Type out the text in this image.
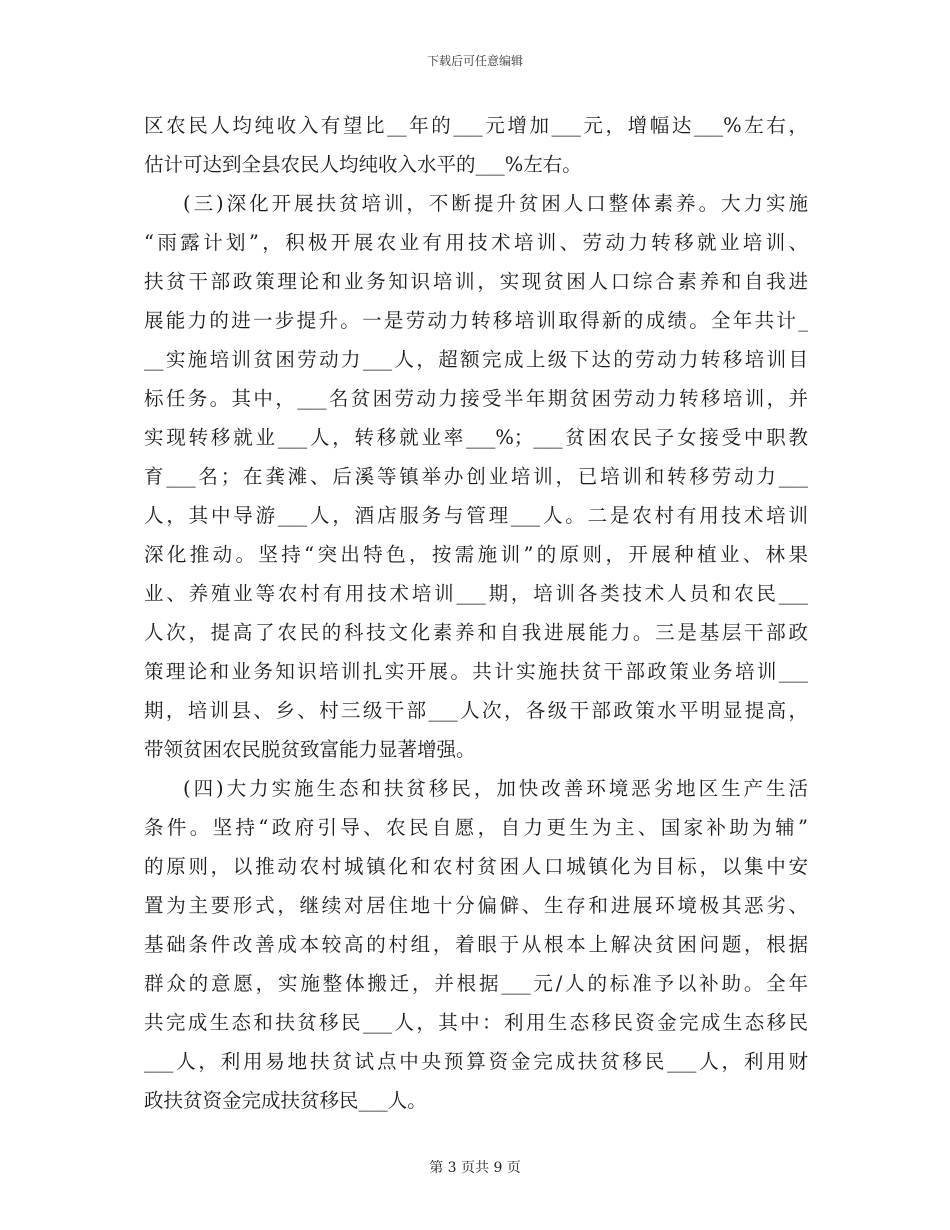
下载后可任意编辑
区农民人均纯收入有望比__年的___元增加___元，增幅达___%左右，
估计可达到全县农民人均纯收入水平的___%左右。
(三)深化开展扶贫培训，不断提升贫困人口整体素养。大力实施
“雨露计划”，积极开展农业有用技术培训、劳动力转移就业培训、
扶贫干部政策理论和业务知识培训，实现贫困人口综合素养和自我进
展能力的进一步提升。一是劳动力转移培训取得新的成绩。全年共计_
__实施培训贫困劳动力___人，超额完成上级下达的劳动力转移培训目
标任务。其中，___名贫困劳动力接受半年期贫困劳动力转移培训，并
实现转移就业___人，转移就业率___%；___贫困农民子女接受中职教
育___名；在龚滩、后溪等镇举办创业培训，已培训和转移劳动力___
人，其中导游___人，酒店服务与管理___人。二是农村有用技术培训
深化推动。坚持“突出特色，按需施训”的原则，开展种植业、林果
业、养殖业等农村有用技术培训___期，培训各类技术人员和农民___
人次，提高了农民的科技文化素养和自我进展能力。三是基层干部政
策理论和业务知识培训扎实开展。共计实施扶贫干部政策业务培训___
期，培训县、乡、村三级干部___人次，各级干部政策水平明显提高，
带领贫困农民脱贫致富能力显著增强。
(四)大力实施生态和扶贫移民，加快改善环境恶劣地区生产生活
条件。坚持“政府引导、农民自愿，自力更生为主、国家补助为辅”
的原则，以推动农村城镇化和农村贫困人口城镇化为目标，以集中安
置为主要形式，继续对居住地十分偏僻、生存和进展环境极其恶劣、
基础条件改善成本较高的村组，着眼于从根本上解决贫困问题，根据
群众的意愿，实施整体搬迁，并根据___元/人的标准予以补助。全年
共完成生态和扶贫移民___人，其中：利用生态移民资金完成生态移民
___人，利用易地扶贫试点中央预算资金完成扶贫移民___人，利用财
政扶贫资金完成扶贫移民___人。
第 3 页共 9 页
